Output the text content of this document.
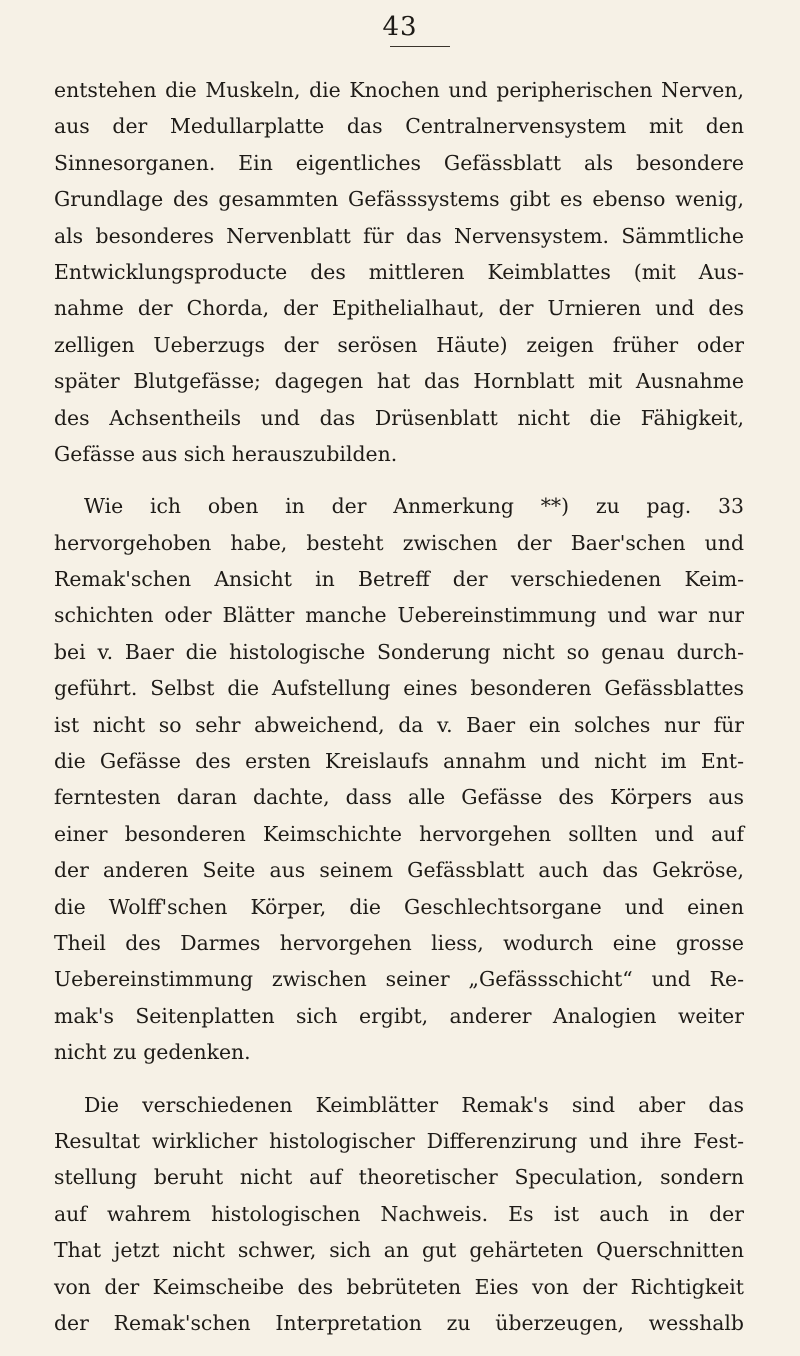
43
entstehen die Muskeln, die Knochen und peripherischen Nerven,
aus der Medullarplatte das Centralnervensystem mit den
Sinnesorganen. Ein eigentliches Gefässblatt als besondere
Grundlage des gesammten Gefässsystems gibt es ebenso wenig,
als besonderes Nervenblatt für das Nervensystem. Sämmtliche
Entwicklungsproducte des mittleren Keimblattes (mit Aus-
nahme der Chorda, der Epithelialhaut, der Urnieren und des
zelligen Ueberzugs der serösen Häute) zeigen früher oder
später Blutgefässe; dagegen hat das Hornblatt mit Ausnahme
des Achsentheils und das Drüsenblatt nicht die Fähigkeit,
Gefässe aus sich herauszubilden.
Wie ich oben in der Anmerkung **) zu pag. 33
hervorgehoben habe, besteht zwischen der Baer'schen und
Remak'schen Ansicht in Betreff der verschiedenen Keim-
schichten oder Blätter manche Uebereinstimmung und war nur
bei v. Baer die histologische Sonderung nicht so genau durch-
geführt. Selbst die Aufstellung eines besonderen Gefässblattes
ist nicht so sehr abweichend, da v. Baer ein solches nur für
die Gefässe des ersten Kreislaufs annahm und nicht im Ent-
ferntesten daran dachte, dass alle Gefässe des Körpers aus
einer besonderen Keimschichte hervorgehen sollten und auf
der anderen Seite aus seinem Gefässblatt auch das Gekröse,
die Wolff'schen Körper, die Geschlechtsorgane und einen
Theil des Darmes hervorgehen liess, wodurch eine grosse
Uebereinstimmung zwischen seiner „Gefässschicht“ und Re-
mak's Seitenplatten sich ergibt, anderer Analogien weiter
nicht zu gedenken.
Die verschiedenen Keimblätter Remak's sind aber das
Resultat wirklicher histologischer Differenzirung und ihre Fest-
stellung beruht nicht auf theoretischer Speculation, sondern
auf wahrem histologischen Nachweis. Es ist auch in der
That jetzt nicht schwer, sich an gut gehärteten Querschnitten
von der Keimscheibe des bebrüteten Eies von der Richtigkeit
der Remak'schen Interpretation zu überzeugen, wesshalb
